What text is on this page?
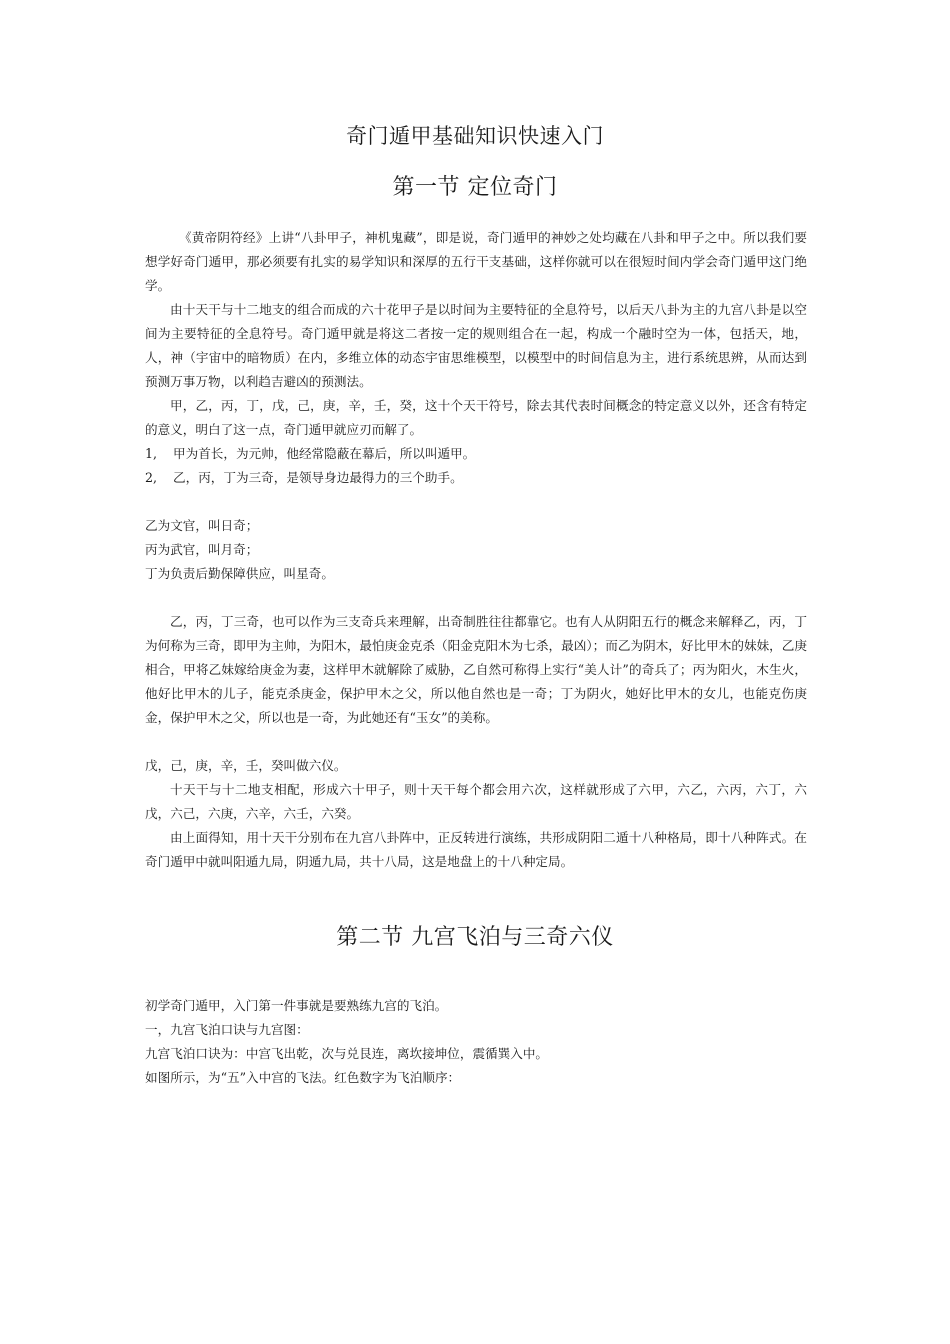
奇门遁甲基础知识快速入门
第一节 定位奇门

《黄帝阴符经》上讲“八卦甲子，神机鬼藏”，即是说，奇门遁甲的神妙之处均藏在八卦和甲子之中。所以我们要想学好奇门遁甲，那必须要有扎实的易学知识和深厚的五行干支基础，这样你就可以在很短时间内学会奇门遁甲这门绝学。

由十天干与十二地支的组合而成的六十花甲子是以时间为主要特征的全息符号，以后天八卦为主的九宫八卦是以空间为主要特征的全息符号。奇门遁甲就是将这二者按一定的规则组合在一起，构成一个融时空为一体，包括天，地，人，神（宇宙中的暗物质）在内，多维立体的动态宇宙思维模型，以模型中的时间信息为主，进行系统思辨，从而达到预测万事万物，以利趋吉避凶的预测法。

甲，乙，丙，丁，戊，己，庚，辛，壬，癸，这十个天干符号，除去其代表时间概念的特定意义以外，还含有特定的意义，明白了这一点，奇门遁甲就应刃而解了。

1,    甲为首长，为元帅，他经常隐蔽在幕后，所以叫遁甲。

2,    乙，丙，丁为三奇，是领导身边最得力的三个助手。

乙为文官，叫日奇；

丙为武官，叫月奇；

丁为负责后勤保障供应，叫星奇。

乙，丙，丁三奇，也可以作为三支奇兵来理解，出奇制胜往往都靠它。也有人从阴阳五行的概念来解释乙，丙，丁为何称为三奇，即甲为主帅，为阳木，最怕庚金克杀（阳金克阳木为七杀，最凶）；而乙为阴木，好比甲木的妹妹，乙庚相合，甲将乙妹嫁给庚金为妻，这样甲木就解除了威胁，乙自然可称得上实行“美人计”的奇兵了；丙为阳火，木生火，他好比甲木的儿子，能克杀庚金，保护甲木之父，所以他自然也是一奇；丁为阴火，她好比甲木的女儿，也能克伤庚金，保护甲木之父，所以也是一奇，为此她还有“玉女”的美称。

戊，己，庚，辛，壬，癸叫做六仪。

十天干与十二地支相配，形成六十甲子，则十天干每个都会用六次，这样就形成了六甲，六乙，六丙，六丁，六戊，六己，六庚，六辛，六壬，六癸。

由上面得知，用十天干分别布在九宫八卦阵中，正反转进行演练，共形成阴阳二遁十八种格局，即十八种阵式。在奇门遁甲中就叫阳遁九局，阴遁九局，共十八局，这是地盘上的十八种定局。

第二节 九宫飞泊与三奇六仪

初学奇门遁甲，入门第一件事就是要熟练九宫的飞泊。

一，九宫飞泊口诀与九宫图：

九宫飞泊口诀为：中宫飞出乾，次与兑艮连，离坎接坤位，震循巽入中。

如图所示，为“五”入中宫的飞法。红色数字为飞泊顺序：
